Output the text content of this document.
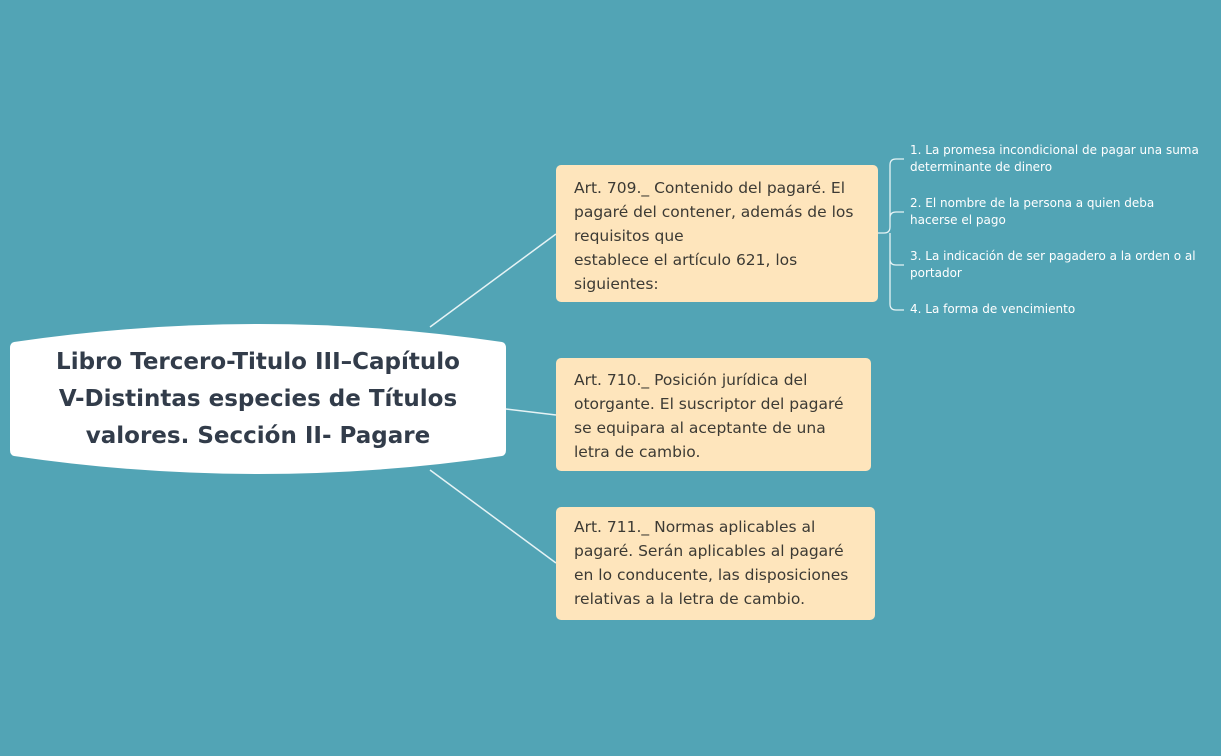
Libro Tercero-Titulo III–Capítulo
V-Distintas especies de Títulos
valores. Sección II- Pagare
Art. 709._ Contenido del pagaré. El
pagaré del contener, además de los
requisitos que
establece el artículo 621, los
siguientes:
Art. 710._ Posición jurídica del
otorgante. El suscriptor del pagaré
se equipara al aceptante de una
letra de cambio.
Art. 711._ Normas aplicables al
pagaré. Serán aplicables al pagaré
en lo conducente, las disposiciones
relativas a la letra de cambio.
1. La promesa incondicional de pagar una suma
determinante de dinero
2. El nombre de la persona a quien deba
hacerse el pago
3. La indicación de ser pagadero a la orden o al
portador
4. La forma de vencimiento
